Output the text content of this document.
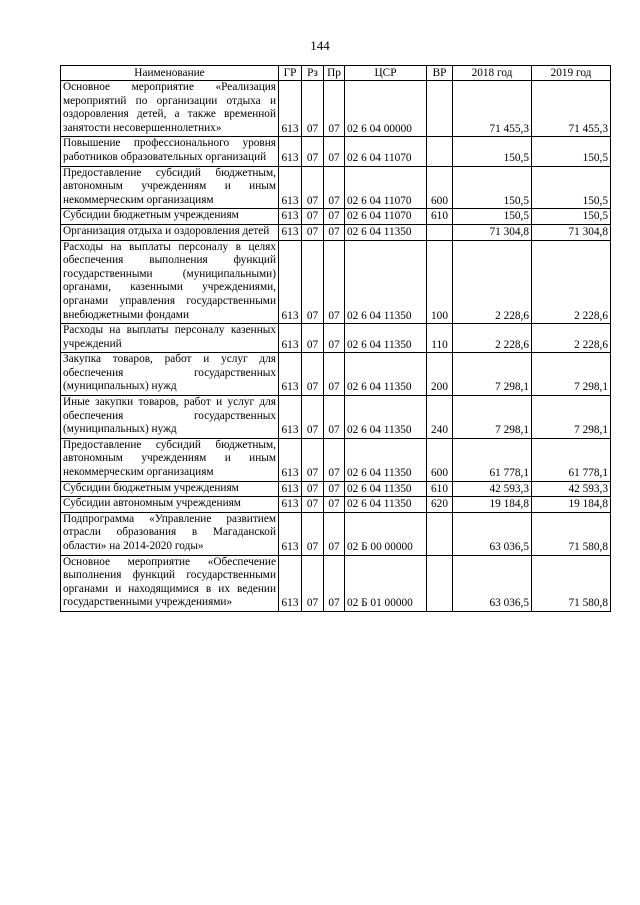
144
Наименование	ГР	Рз	Пр	ЦСР	ВР	2018 год	2019 год
Основное мероприятие «Реализация мероприятий по организации отдыха и оздоровления детей, а также временной занятости несовершеннолетних»	613	07	07	02 6 04 00000		71 455,3	71 455,3
Повышение профессионального уровня работников образовательных организаций	613	07	07	02 6 04 11070		150,5	150,5
Предоставление субсидий бюджетным, автономным учреждениям и иным некоммерческим организациям	613	07	07	02 6 04 11070	600	150,5	150,5
Субсидии бюджетным учреждениям	613	07	07	02 6 04 11070	610	150,5	150,5
Организация отдыха и оздоровления детей	613	07	07	02 6 04 11350		71 304,8	71 304,8
Расходы на выплаты персоналу в целях обеспечения выполнения функций государственными (муниципальными) органами, казенными учреждениями, органами управления государственными внебюджетными фондами	613	07	07	02 6 04 11350	100	2 228,6	2 228,6
Расходы на выплаты персоналу казенных учреждений	613	07	07	02 6 04 11350	110	2 228,6	2 228,6
Закупка товаров, работ и услуг для обеспечения государственных (муниципальных) нужд	613	07	07	02 6 04 11350	200	7 298,1	7 298,1
Иные закупки товаров, работ и услуг для обеспечения государственных (муниципальных) нужд	613	07	07	02 6 04 11350	240	7 298,1	7 298,1
Предоставление субсидий бюджетным, автономным учреждениям и иным некоммерческим организациям	613	07	07	02 6 04 11350	600	61 778,1	61 778,1
Субсидии бюджетным учреждениям	613	07	07	02 6 04 11350	610	42 593,3	42 593,3
Субсидии автономным учреждениям	613	07	07	02 6 04 11350	620	19 184,8	19 184,8
Подпрограмма «Управление развитием отрасли образования в Магаданской области» на 2014-2020 годы»	613	07	07	02 Б 00 00000		63 036,5	71 580,8
Основное мероприятие «Обеспечение выполнения функций государственными органами и находящимися в их ведении государственными учреждениями»	613	07	07	02 Б 01 00000		63 036,5	71 580,8
